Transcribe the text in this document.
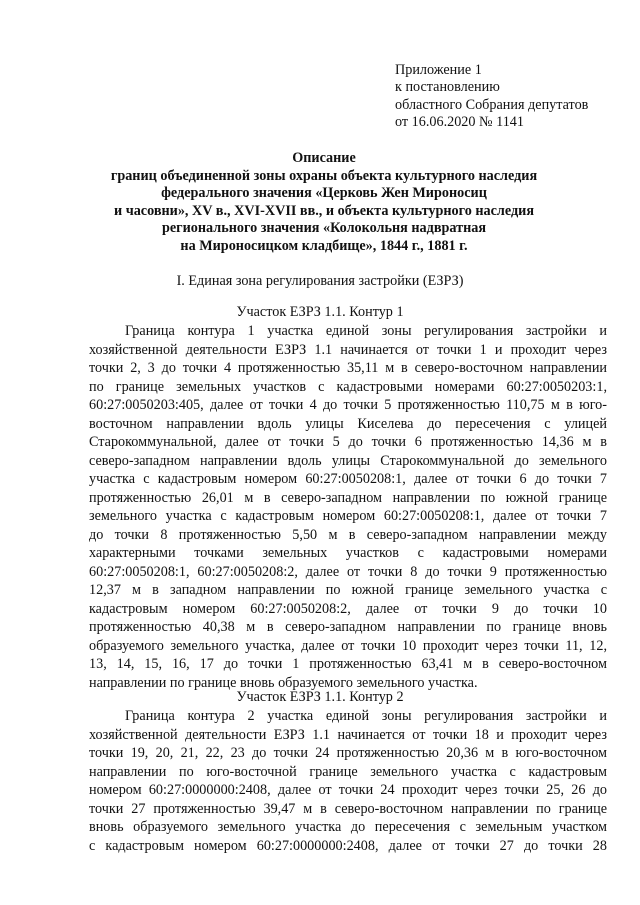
Приложение 1
к постановлению
областного Собрания депутатов
от 16.06.2020 № 1141
Описание
границ объединенной зоны охраны объекта культурного наследия
федерального значения «Церковь Жен Мироносиц
и часовни», XV в., XVI-XVII вв., и объекта культурного наследия
регионального значения «Колокольня надвратная
на Мироносицком кладбище», 1844 г., 1881 г.
I. Единая зона регулирования застройки (ЕЗРЗ)
Участок ЕЗРЗ 1.1. Контур 1
Граница контура 1 участка единой зоны регулирования застройки и
хозяйственной деятельности ЕЗРЗ 1.1 начинается от точки 1 и проходит через
точки 2, 3 до точки 4 протяженностью 35,11 м в северо-восточном направлении
по границе земельных участков с кадастровыми номерами 60:27:0050203:1,
60:27:0050203:405, далее от точки 4 до точки 5 протяженностью 110,75 м в юго-
восточном направлении вдоль улицы Киселева до пересечения с улицей
Старокоммунальной, далее от точки 5 до точки 6 протяженностью 14,36 м в
северо-западном направлении вдоль улицы Старокоммунальной до земельного
участка с кадастровым номером 60:27:0050208:1, далее от точки 6 до точки 7
протяженностью 26,01 м в северо-западном направлении по южной границе
земельного участка с кадастровым номером 60:27:0050208:1, далее от точки 7
до точки 8 протяженностью 5,50 м в северо-западном направлении между
характерными точками земельных участков с кадастровыми номерами
60:27:0050208:1, 60:27:0050208:2, далее от точки 8 до точки 9 протяженностью
12,37 м в западном направлении по южной границе земельного участка с
кадастровым номером 60:27:0050208:2, далее от точки 9 до точки 10
протяженностью 40,38 м в северо-западном направлении по границе вновь
образуемого земельного участка, далее от точки 10 проходит через точки 11, 12,
13, 14, 15, 16, 17 до точки 1 протяженностью 63,41 м в северо-восточном
направлении по границе вновь образуемого земельного участка.
Участок ЕЗРЗ 1.1. Контур 2
Граница контура 2 участка единой зоны регулирования застройки и
хозяйственной деятельности ЕЗРЗ 1.1 начинается от точки 18 и проходит через
точки 19, 20, 21, 22, 23 до точки 24 протяженностью 20,36 м в юго-восточном
направлении по юго-восточной границе земельного участка с кадастровым
номером 60:27:0000000:2408, далее от точки 24 проходит через точки 25, 26 до
точки 27 протяженностью 39,47 м в северо-восточном направлении по границе
вновь образуемого земельного участка до пересечения с земельным участком
с кадастровым номером 60:27:0000000:2408, далее от точки 27 до точки 28
